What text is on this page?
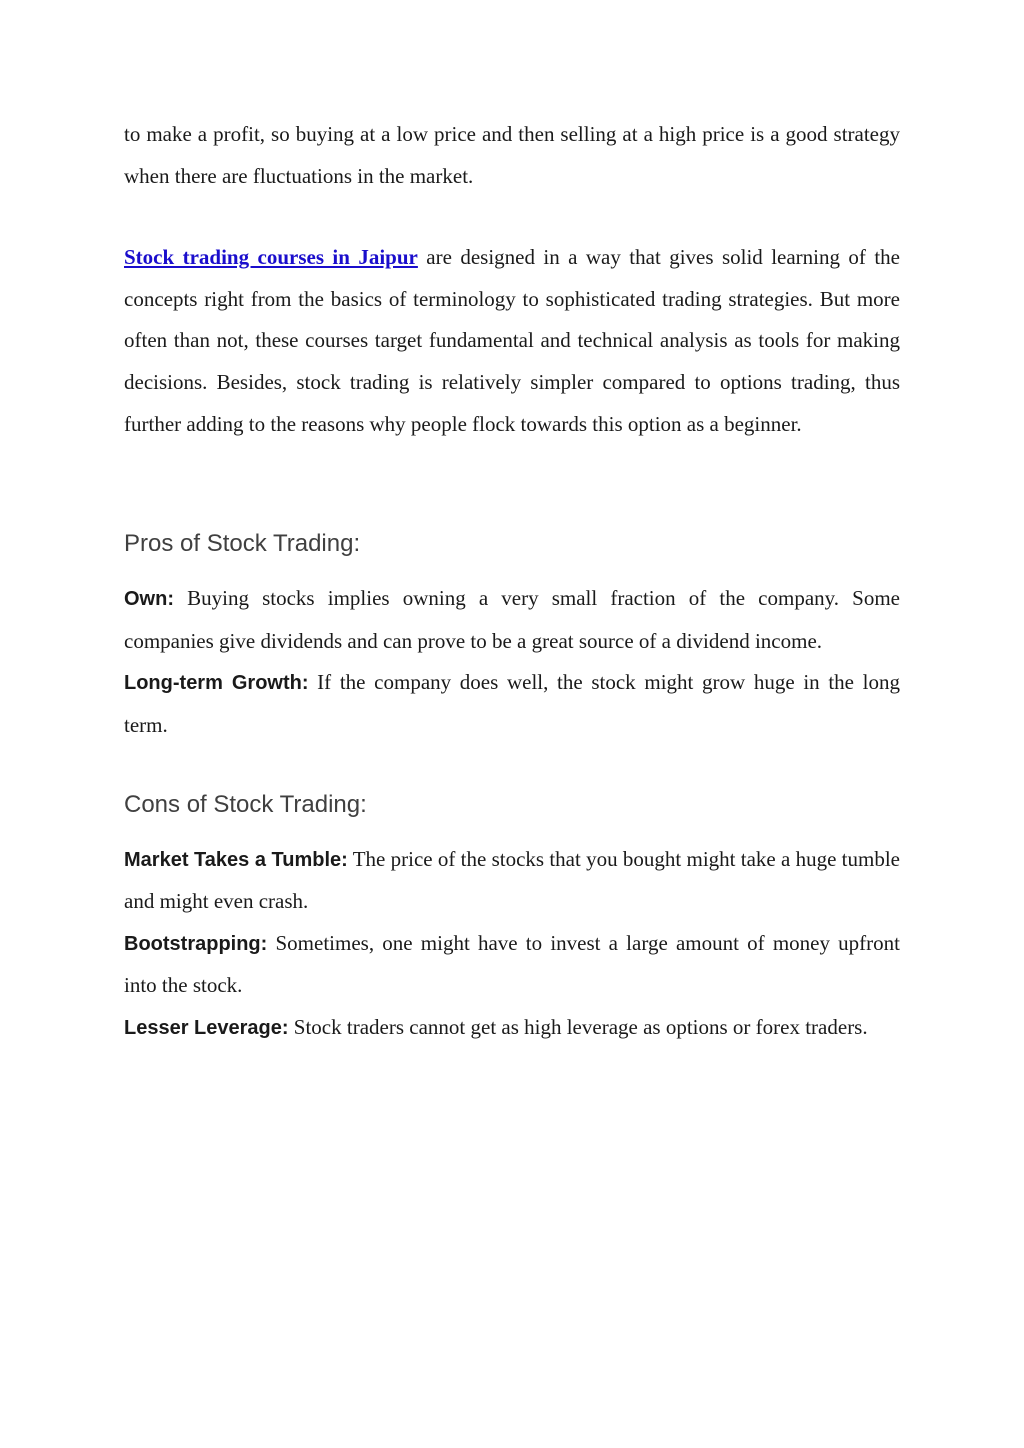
to make a profit, so buying at a low price and then selling at a high price is a good strategy when there are fluctuations in the market.

Stock trading courses in Jaipur are designed in a way that gives solid learning of the concepts right from the basics of terminology to sophisticated trading strategies. But more often than not, these courses target fundamental and technical analysis as tools for making decisions. Besides, stock trading is relatively simpler compared to options trading, thus further adding to the reasons why people flock towards this option as a beginner.

Pros of Stock Trading:

Own: Buying stocks implies owning a very small fraction of the company. Some companies give dividends and can prove to be a great source of a dividend income.

Long-term Growth: If the company does well, the stock might grow huge in the long term.

Cons of Stock Trading:

Market Takes a Tumble: The price of the stocks that you bought might take a huge tumble and might even crash.

Bootstrapping: Sometimes, one might have to invest a large amount of money upfront into the stock.

Lesser Leverage: Stock traders cannot get as high leverage as options or forex traders.
